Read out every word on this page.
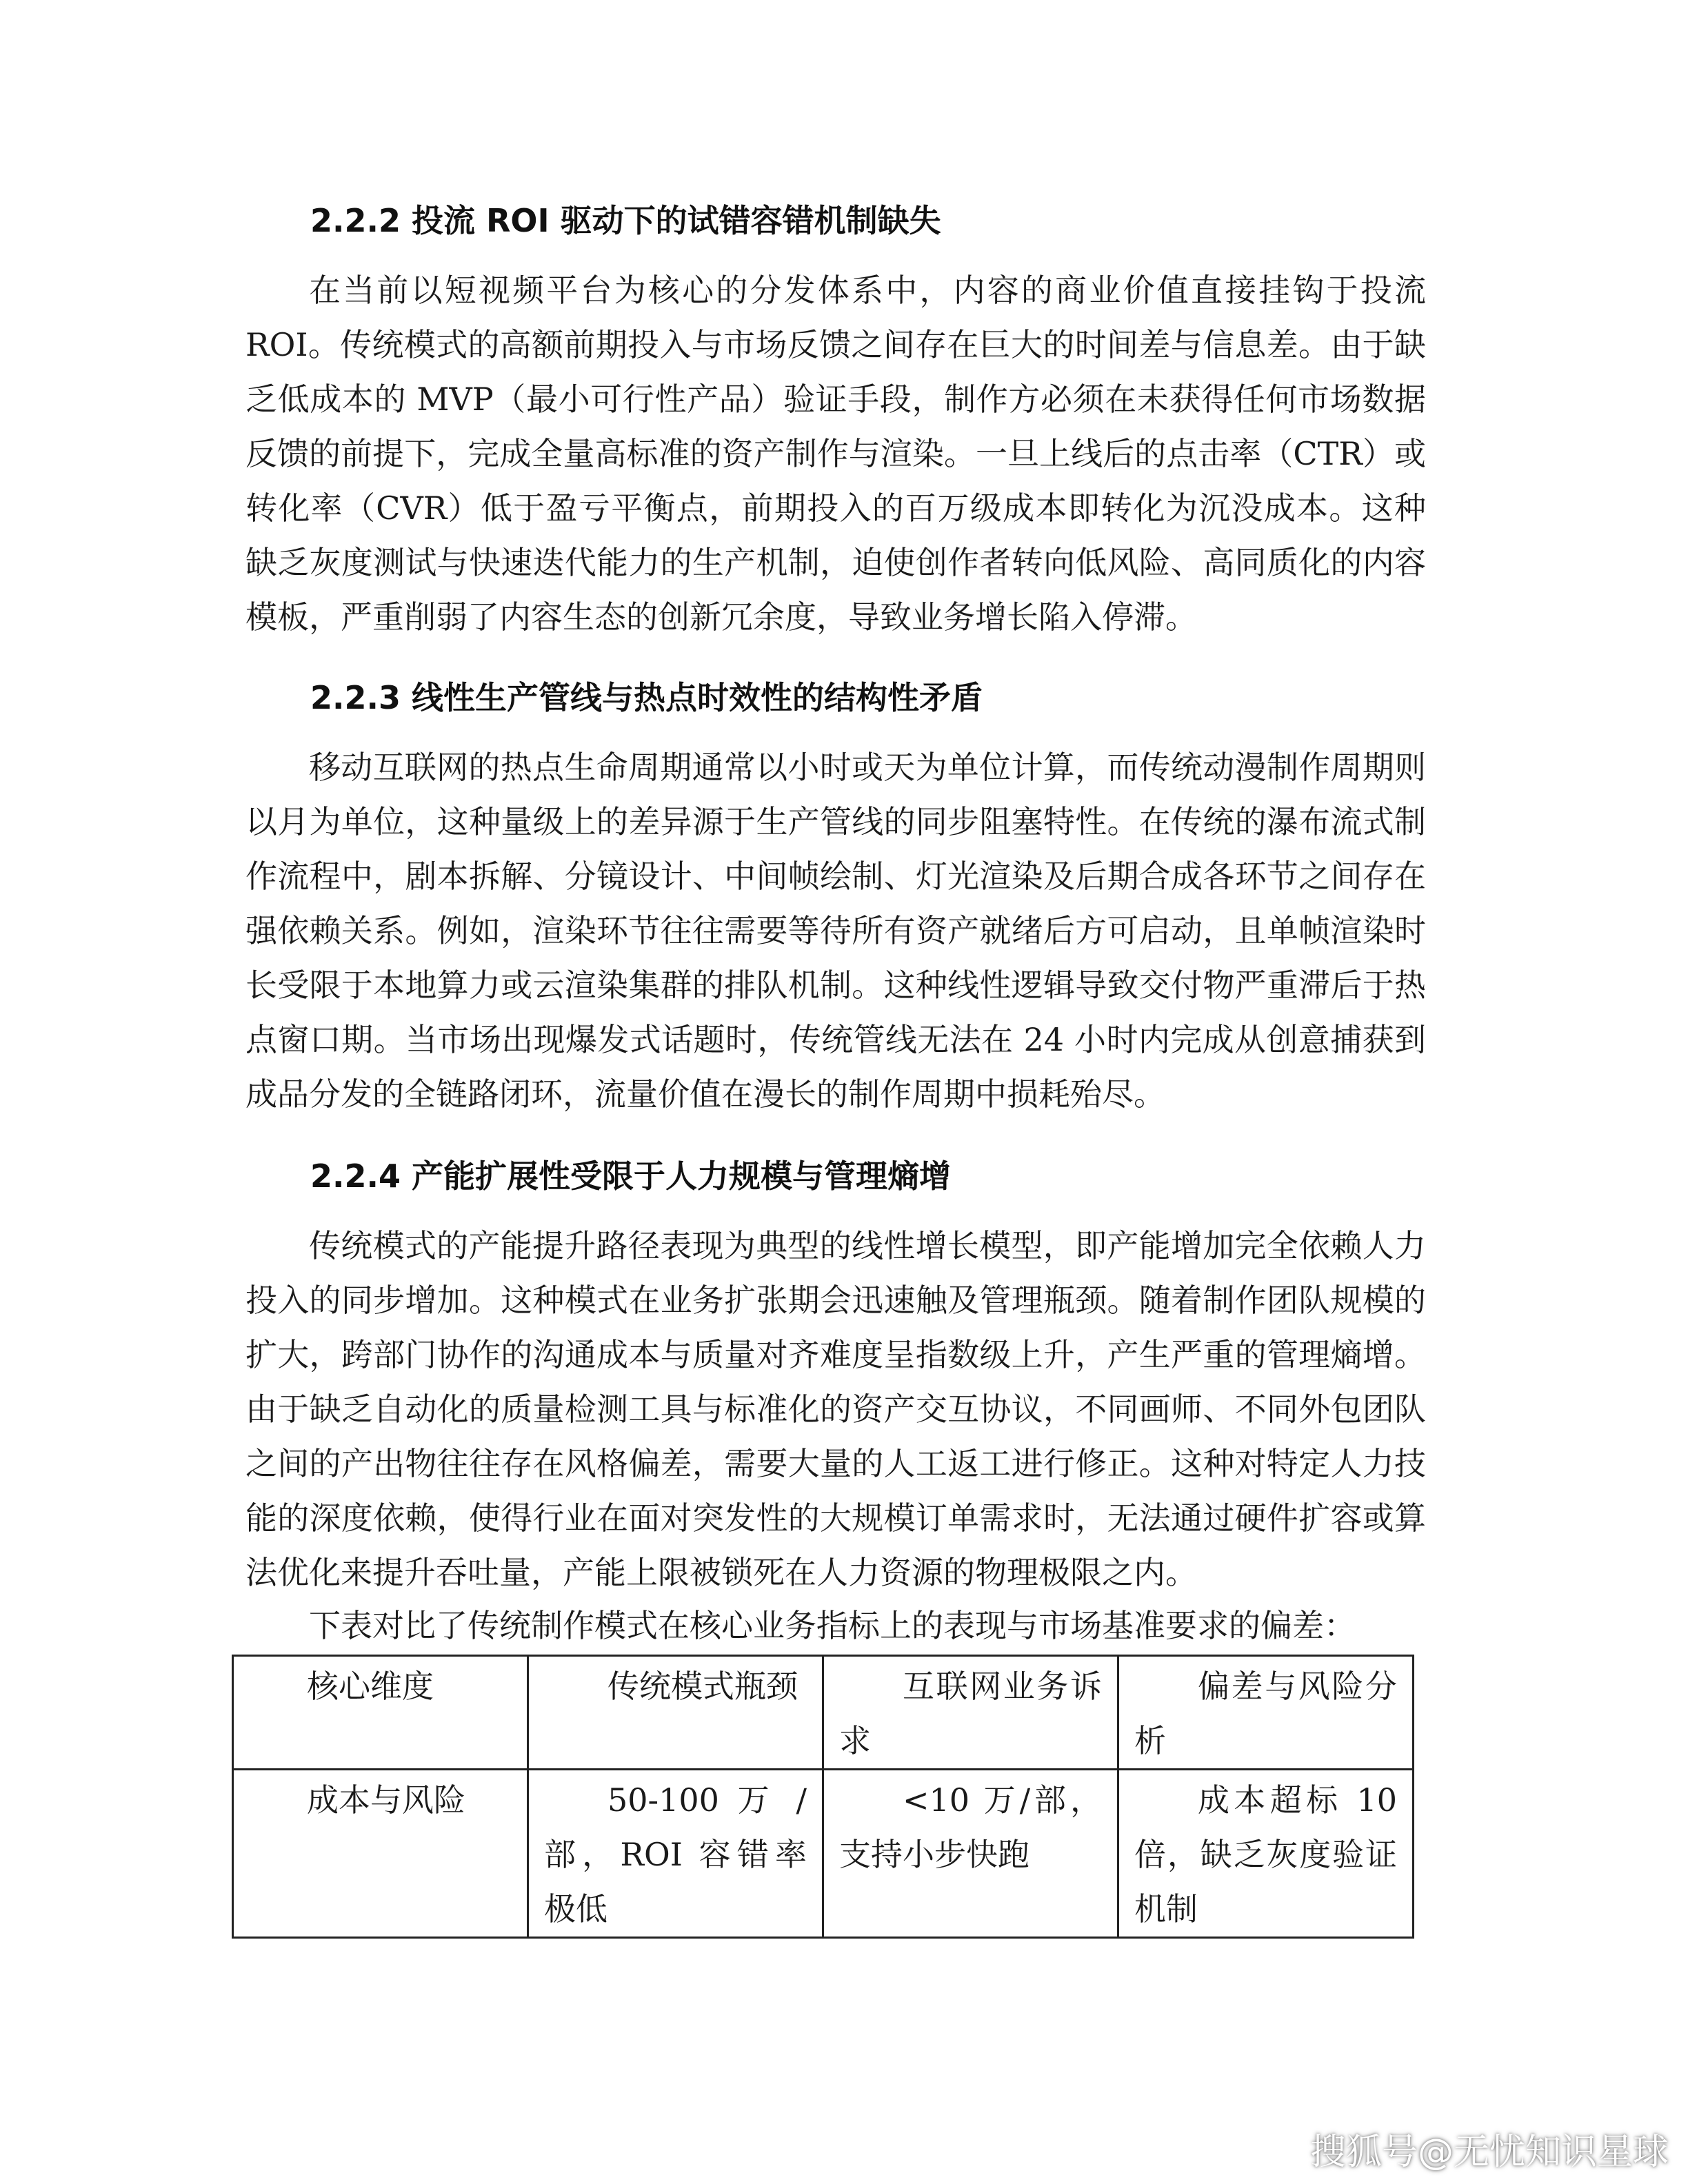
2.2.2 投流 ROI 驱动下的试错容错机制缺失

在当前以短视频平台为核心的分发体系中，内容的商业价值直接挂钩于投流ROI。传统模式的高额前期投入与市场反馈之间存在巨大的时间差与信息差。由于缺乏低成本的 MVP（最小可行性产品）验证手段，制作方必须在未获得任何市场数据反馈的前提下，完成全量高标准的资产制作与渲染。一旦上线后的点击率（CTR）或转化率（CVR）低于盈亏平衡点，前期投入的百万级成本即转化为沉没成本。这种缺乏灰度测试与快速迭代能力的生产机制，迫使创作者转向低风险、高同质化的内容模板，严重削弱了内容生态的创新冗余度，导致业务增长陷入停滞。

2.2.3 线性生产管线与热点时效性的结构性矛盾

移动互联网的热点生命周期通常以小时或天为单位计算，而传统动漫制作周期则以月为单位，这种量级上的差异源于生产管线的同步阻塞特性。在传统的瀑布流式制作流程中，剧本拆解、分镜设计、中间帧绘制、灯光渲染及后期合成各环节之间存在强依赖关系。例如，渲染环节往往需要等待所有资产就绪后方可启动，且单帧渲染时长受限于本地算力或云渲染集群的排队机制。这种线性逻辑导致交付物严重滞后于热点窗口期。当市场出现爆发式话题时，传统管线无法在 24 小时内完成从创意捕获到成品分发的全链路闭环，流量价值在漫长的制作周期中损耗殆尽。

2.2.4 产能扩展性受限于人力规模与管理熵增

传统模式的产能提升路径表现为典型的线性增长模型，即产能增加完全依赖人力投入的同步增加。这种模式在业务扩张期会迅速触及管理瓶颈。随着制作团队规模的扩大，跨部门协作的沟通成本与质量对齐难度呈指数级上升，产生严重的管理熵增。由于缺乏自动化的质量检测工具与标准化的资产交互协议，不同画师、不同外包团队之间的产出物往往存在风格偏差，需要大量的人工返工进行修正。这种对特定人力技能的深度依赖，使得行业在面对突发性的大规模订单需求时，无法通过硬件扩容或算法优化来提升吞吐量，产能上限被锁死在人力资源的物理极限之内。

下表对比了传统制作模式在核心业务指标上的表现与市场基准要求的偏差：

核心维度	传统模式瓶颈	互联网业务诉求	偏差与风险分析
成本与风险	50-100 万 / 部，ROI 容错率极低	<10 万/部，支持小步快跑	成本超标 10 倍，缺乏灰度验证机制
搜狐号@无忧知识星球
